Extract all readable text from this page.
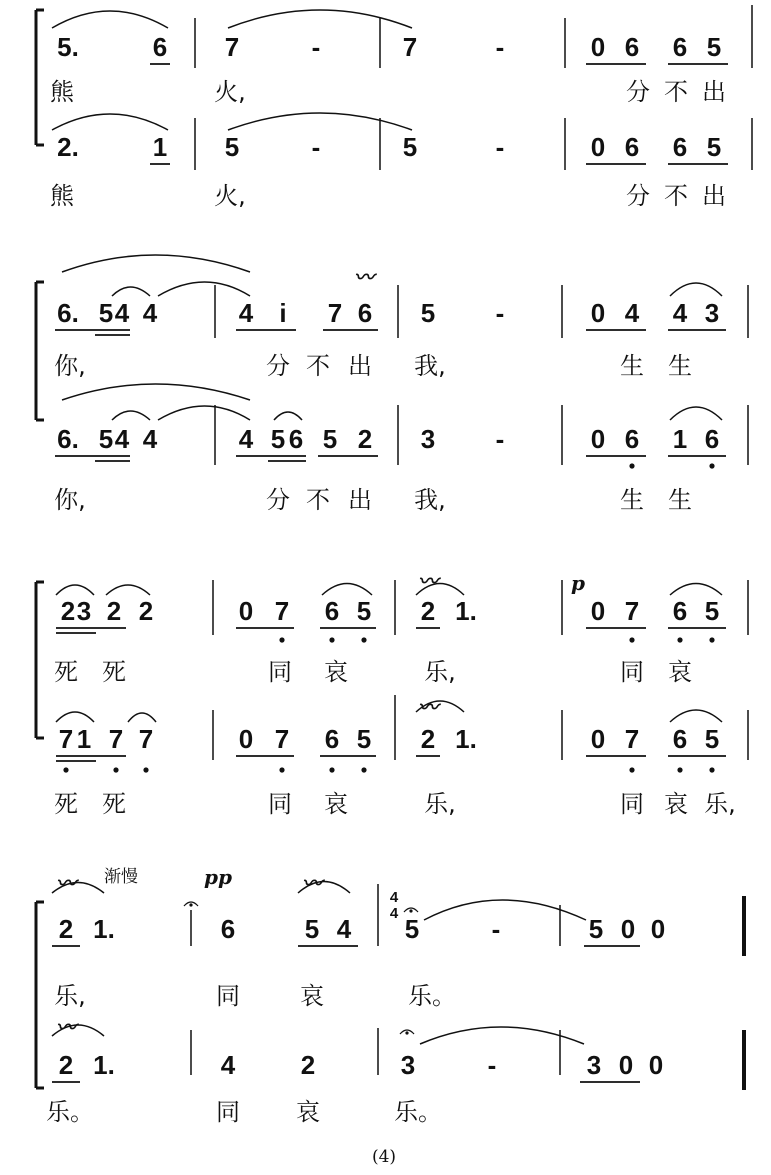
5.	6 7	-	7	-	0 6 6 5
熊	火,	分 不 出
2.	1 5	-	5	-	0 6 6 5
熊	火,	分 不 出
〰
6. 5 4 4	4 i 7 6 5 -	0 4 4 3
你,	分 不 出 我,	生 生
6. 5 4 4	4 5 6 5 2 3 -	0 6 1 6
你,	分 不 出 我,	生 生
〰	p
2 3 2 2	0 7 6 5 2 1.	0 7 6 5
死 死	同 哀	乐,	同 哀
〰
7 1 7 7	0 7 6 5 2 1.	0 7 6 5
死 死	同 哀	乐,	同 哀 乐,
〰 渐慢	pp	〰
4
4
2 1.	6	5 4 5	-	5 0 0
乐,	同	哀	乐。
〰
2 1.	4	2	3	-	3 0 0
乐。	同 哀	乐。
(4)
